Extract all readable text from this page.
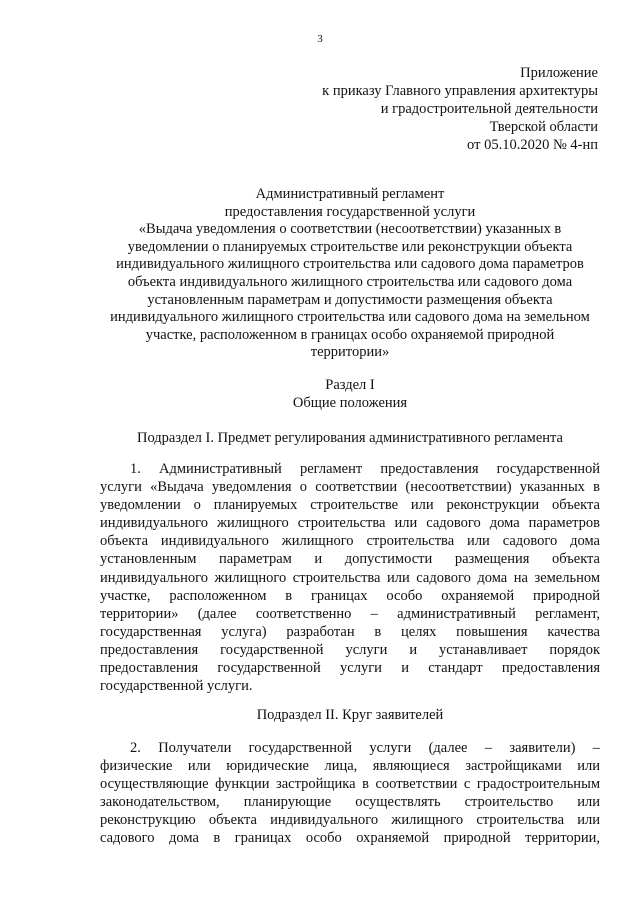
3
Приложение
к приказу Главного управления архитектуры
и градостроительной деятельности
Тверской области
от 05.10.2020 № 4-нп
Административный регламент
предоставления государственной услуги
«Выдача уведомления о соответствии (несоответствии) указанных в
уведомлении о планируемых строительстве или реконструкции объекта
индивидуального жилищного строительства или садового дома параметров
объекта индивидуального жилищного строительства или садового дома
установленным параметрам и допустимости размещения объекта
индивидуального жилищного строительства или садового дома на земельном
участке, расположенном в границах особо охраняемой природной
территории»
Раздел I
Общие положения
Подраздел I. Предмет регулирования административного регламента
1. Административный регламент предоставления государственной
услуги «Выдача уведомления о соответствии (несоответствии) указанных в
уведомлении о планируемых строительстве или реконструкции объекта
индивидуального жилищного строительства или садового дома параметров
объекта индивидуального жилищного строительства или садового дома
установленным параметрам и допустимости размещения объекта
индивидуального жилищного строительства или садового дома на земельном
участке, расположенном в границах особо охраняемой природной
территории» (далее соответственно – административный регламент,
государственная услуга) разработан в целях повышения качества
предоставления государственной услуги и устанавливает порядок
предоставления государственной услуги и стандарт предоставления
государственной услуги.
Подраздел II. Круг заявителей
2. Получатели государственной услуги (далее – заявители) –
физические или юридические лица, являющиеся застройщиками или
осуществляющие функции застройщика в соответствии с градостроительным
законодательством, планирующие осуществлять строительство или
реконструкцию объекта индивидуального жилищного строительства или
садового дома в границах особо охраняемой природной территории,
